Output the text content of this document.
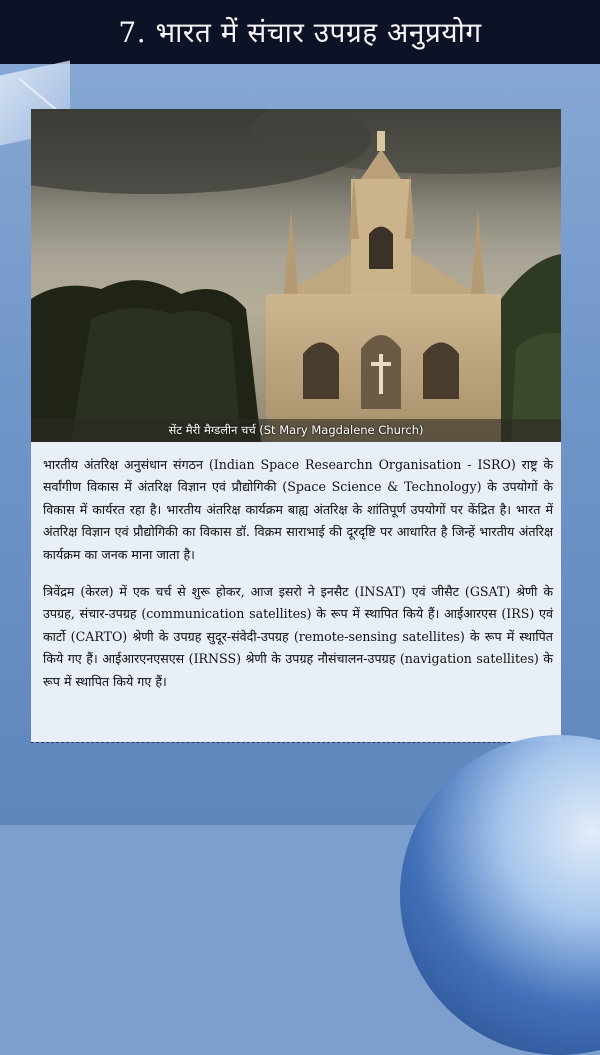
7. भारत में संचार उपग्रह अनुप्रयोग
सेंट मैरी मैग्डलीन चर्च (St Mary Magdalene Church)

भारतीय अंतरिक्ष अनुसंधान संगठन (Indian Space Researchn Organisation - ISRO) राष्ट्र के सर्वांगीण विकास में अंतरिक्ष विज्ञान एवं प्रौद्योगिकी (Space Science & Technology) के उपयोगों के विकास में कार्यरत रहा है। भारतीय अंतरिक्ष कार्यक्रम बाह्य अंतरिक्ष के शांतिपूर्ण उपयोगों पर केंद्रित है। भारत में अंतरिक्ष विज्ञान एवं प्रौद्योगिकी का विकास डॉ. विक्रम साराभाई की दूरदृष्टि पर आधारित है जिन्हें भारतीय अंतरिक्ष कार्यक्रम का जनक माना जाता है।

त्रिवेंद्रम (केरल) में एक चर्च से शुरू होकर, आज इसरो ने इनसैट (INSAT) एवं जीसैट (GSAT) श्रेणी के उपग्रह, संचार-उपग्रह (communication satellites) के रूप में स्थापित किये हैं। आईआरएस (IRS) एवं कार्टो (CARTO) श्रेणी के उपग्रह सुदूर-संवेदी-उपग्रह (remote-sensing satellites) के रूप में स्थापित किये गए हैं। आईआरएनएसएस (IRNSS) श्रेणी के उपग्रह नौसंचालन-उपग्रह (navigation satellites) के रूप में स्थापित किये गए हैं।
